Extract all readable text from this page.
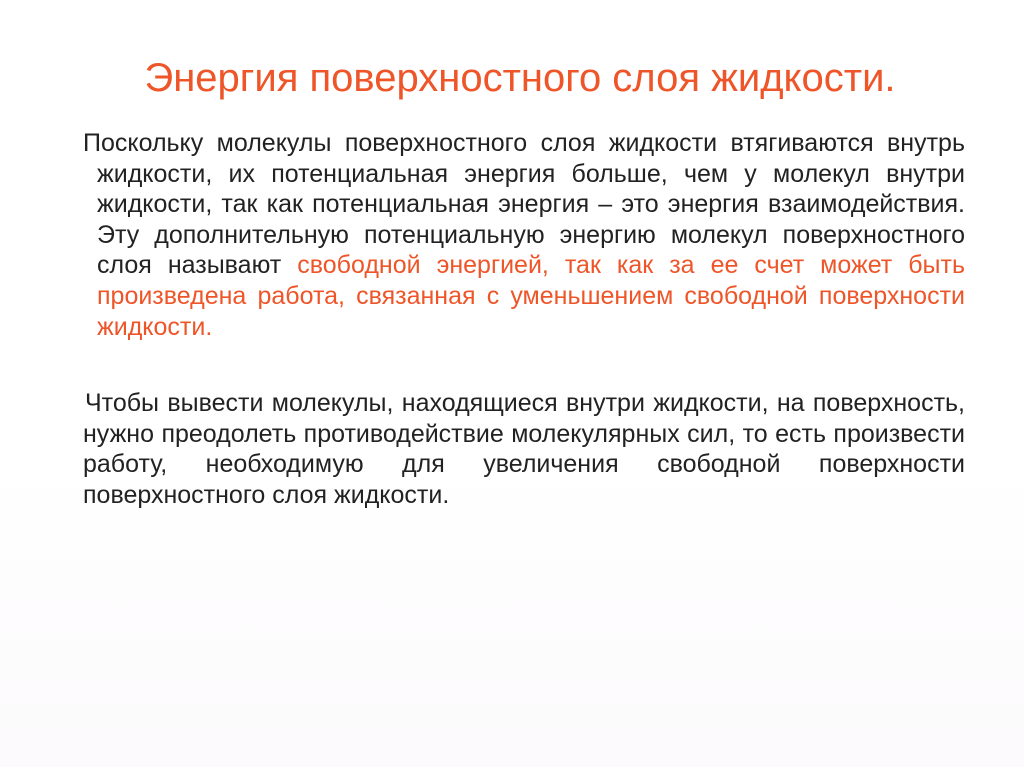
Энергия поверхностного слоя жидкости.

Поскольку молекулы поверхностного слоя жидкости втягиваются внутрь жидкости, их потенциальная энергия больше, чем у молекул внутри жидкости, так как потенциальная энергия – это энергия взаимодействия. Эту дополнительную потенциальную энергию молекул поверхностного слоя называют свободной энергией, так как за ее счет может быть произведена работа, связанная с уменьшением свободной поверхности жидкости.

Чтобы вывести молекулы, находящиеся внутри жидкости, на поверхность, нужно преодолеть противодействие молекулярных сил, то есть произвести работу, необходимую для увеличения свободной поверхности поверхностного слоя жидкости.
